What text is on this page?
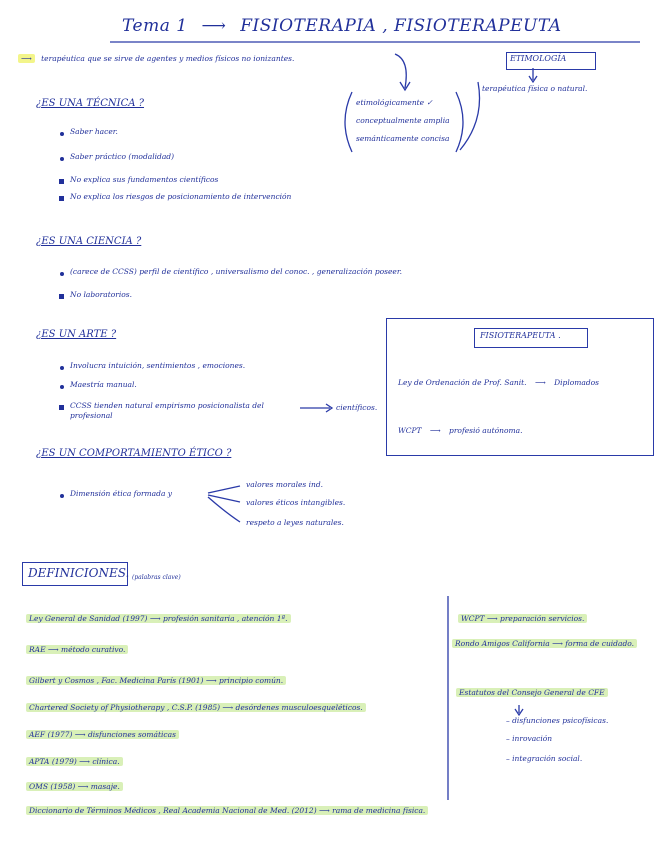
Tema 1 ⟶ FISIOTERAPIA , FISIOTERAPEUTA
⟶ terapéutica que se sirve de agentes y medios físicos no ionizantes.	ETIMOLOGÍA
terapéutica física o natural.
etimológicamente ✓
conceptualmente amplia
semánticamente concisa
¿ES UNA TÉCNICA ?
Saber hacer.
Saber práctico (modalidad)
No explica sus fundamentos científicos
No explica los riesgos de posicionamiento de intervención
¿ES UNA CIENCIA ?
(carece de CCSS) perfil de científico , universalismo del conoc. , generalización poseer.
No laboratorios.
¿ES UN ARTE ?
Involucra intuición, sentimientos , emociones.
Maestría manual.
CCSS tienden natural empirismo posicionalista del profesional
científicos.
¿ES UN COMPORTAMIENTO ÉTICO ?
Dimensión ética formada y
valores morales ind.
valores éticos intangibles.
respeto a leyes naturales.
FISIOTERAPEUTA .
Ley de Ordenación de Prof. Sanit. ⟶ Diplomados
WCPT ⟶ profesió autónoma.
DEFINICIONES. (palabras clave)
Ley General de Sanidad (1997) ⟶ profesión sanitaria , atención 1ª.
RAE ⟶ método curativo.
Gilbert y Cosmos , Fac. Medicina París (1901) ⟶ principio común.
Chartered Society of Physiotherapy , C.S.P. (1985) ⟶ desórdenes musculoesqueléticos.
AEF (1977) ⟶ disfunciones somáticas
APTA (1979) ⟶ clínica.
OMS (1958) ⟶ masaje.
Diccionario de Términos Médicos , Real Academia Nacional de Med. (2012) ⟶ rama de medicina física.
WCPT ⟶ preparación servicios.
Rondo Amigos California ⟶ forma de cuidado.
Estatutos del Consejo General de CFE
– disfunciones psicofísicas.
– inrovación
– integración social.
